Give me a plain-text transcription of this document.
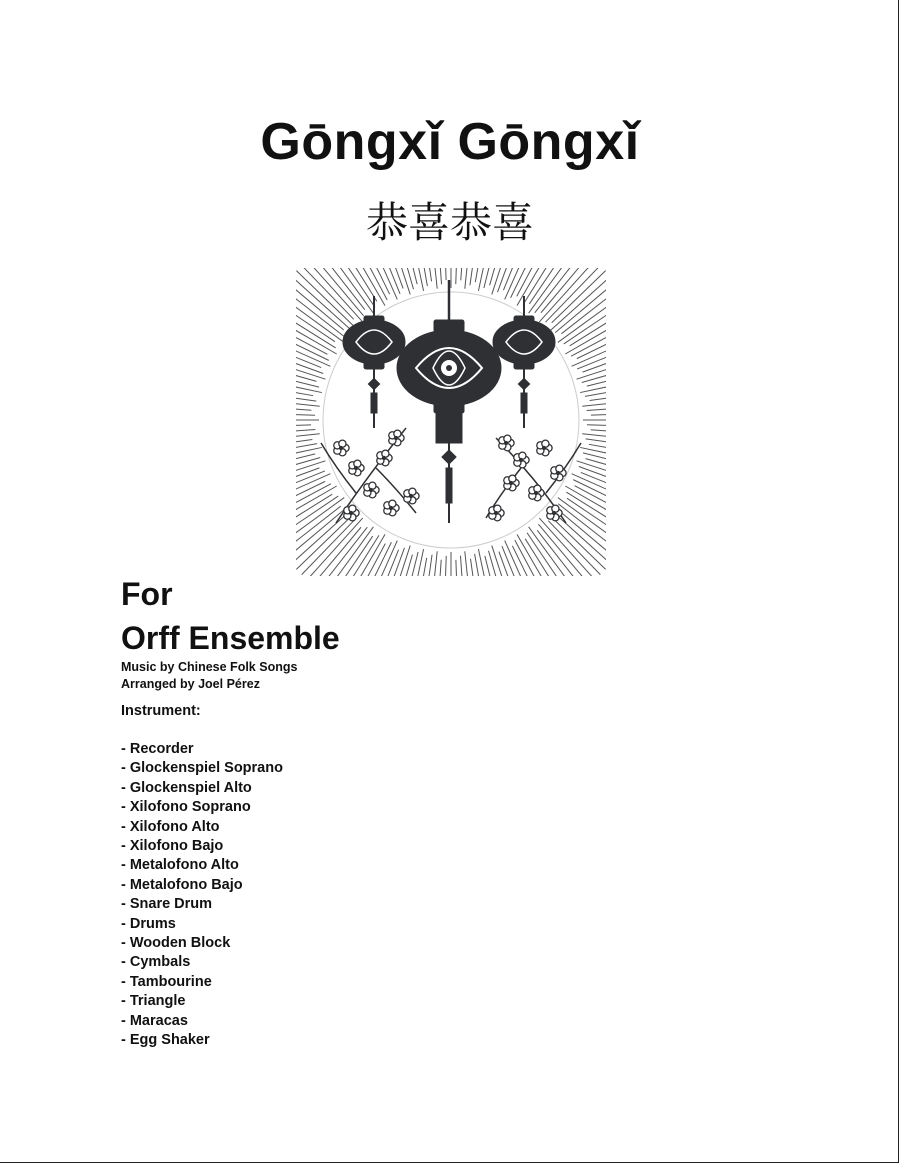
Gōngxǐ Gōngxǐ
恭喜恭喜

For

Orff Ensemble

Music by Chinese Folk Songs
Arranged by Joel Pérez
Instrument:
- Recorder
- Glockenspiel Soprano
- Glockenspiel Alto
- Xilofono Soprano
- Xilofono Alto
- Xilofono Bajo
- Metalofono Alto
- Metalofono Bajo
- Snare Drum
- Drums
- Wooden Block
- Cymbals
- Tambourine
- Triangle
- Maracas
- Egg Shaker
